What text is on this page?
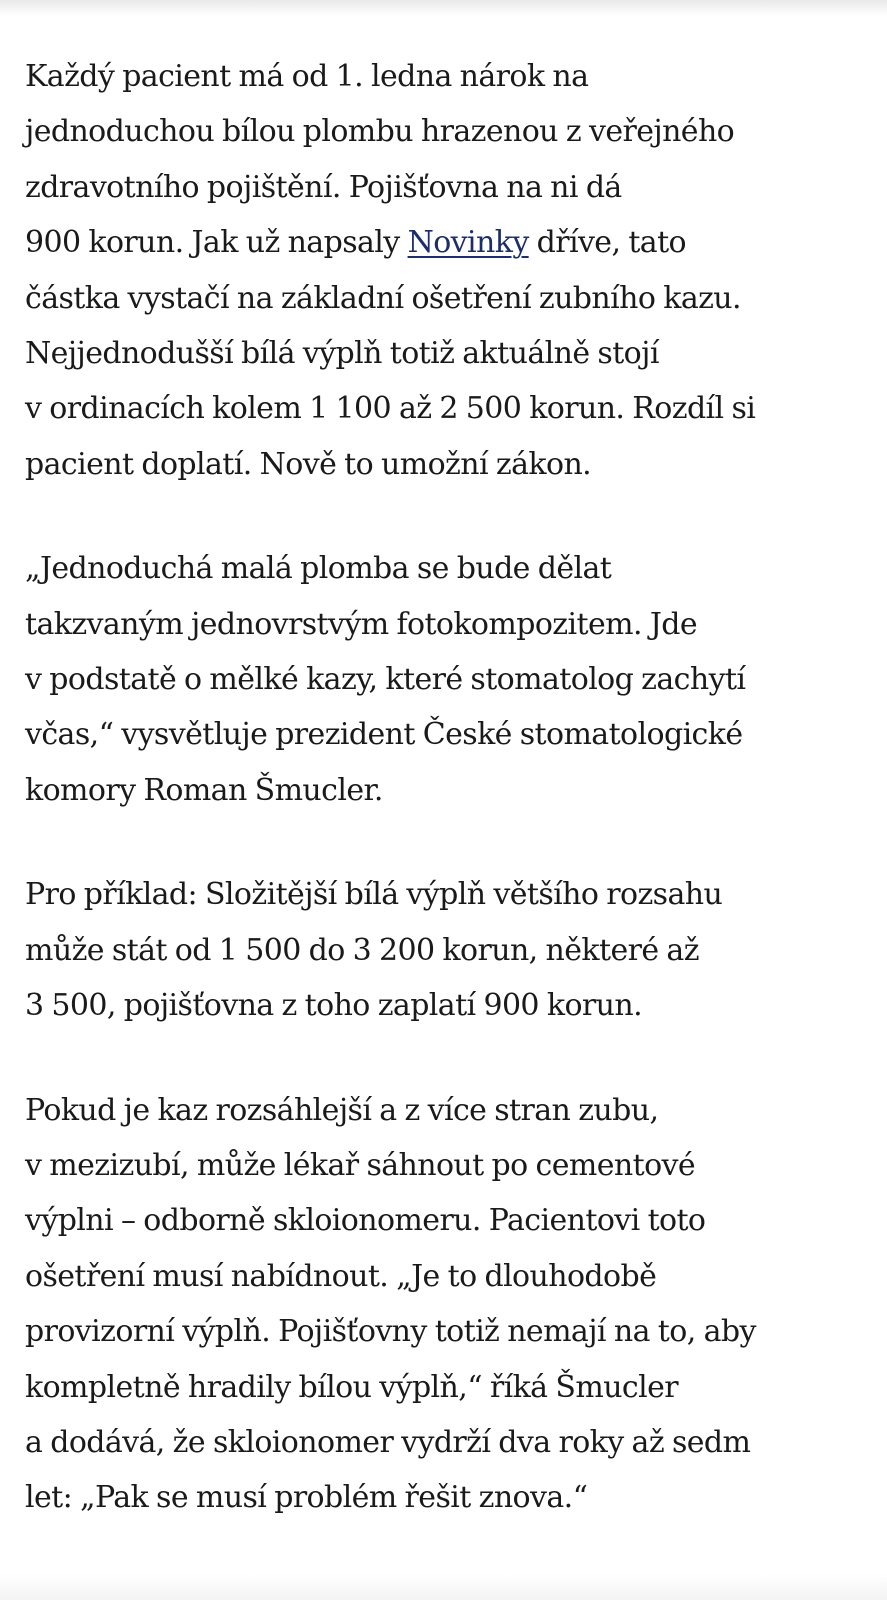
Každý pacient má od 1. ledna nárok na
jednoduchou bílou plombu hrazenou z veřejného
zdravotního pojištění. Pojišťovna na ni dá
900 korun. Jak už napsaly Novinky dříve, tato
částka vystačí na základní ošetření zubního kazu.
Nejjednodušší bílá výplň totiž aktuálně stojí
v ordinacích kolem 1 100 až 2 500 korun. Rozdíl si
pacient doplatí. Nově to umožní zákon.

„Jednoduchá malá plomba se bude dělat
takzvaným jednovrstvým fotokompozitem. Jde
v podstatě o mělké kazy, které stomatolog zachytí
včas,“ vysvětluje prezident České stomatologické
komory Roman Šmucler.

Pro příklad: Složitější bílá výplň většího rozsahu
může stát od 1 500 do 3 200 korun, některé až
3 500, pojišťovna z toho zaplatí 900 korun.

Pokud je kaz rozsáhlejší a z více stran zubu,
v mezizubí, může lékař sáhnout po cementové
výplni – odborně skloionomeru. Pacientovi toto
ošetření musí nabídnout. „Je to dlouhodobě
provizorní výplň. Pojišťovny totiž nemají na to, aby
kompletně hradily bílou výplň,“ říká Šmucler
a dodává, že skloionomer vydrží dva roky až sedm
let: „Pak se musí problém řešit znova.“
